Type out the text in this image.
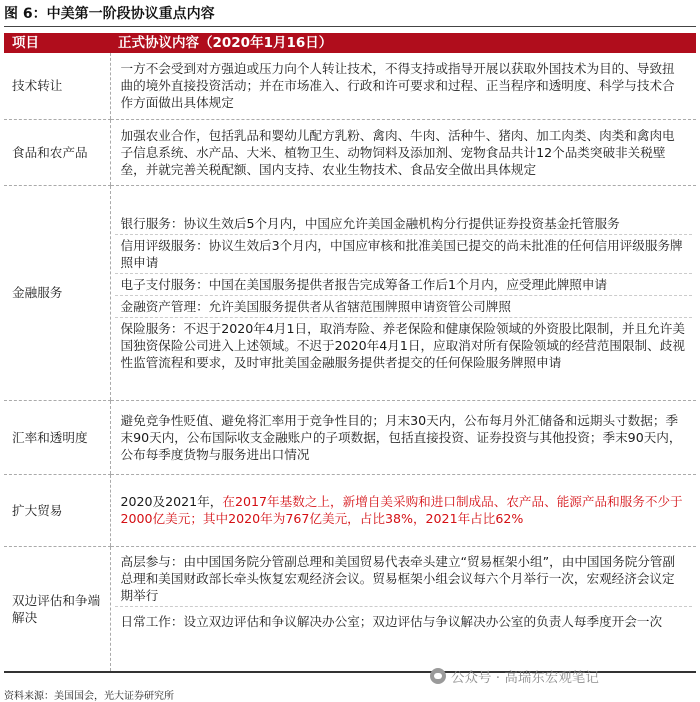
图 6：中美第一阶段协议重点内容
项目	正式协议内容（2020年1月16日）
技术转让	一方不会受到对方强迫或压力向个人转让技术，不得支持或指导开展以获取外国技术为目的、导致扭曲的境外直接投资活动；并在市场准入、行政和许可要求和过程、正当程序和透明度、科学与技术合作方面做出具体规定

食品和农产品	加强农业合作，包括乳品和婴幼儿配方乳粉、禽肉、牛肉、活种牛、猪肉、加工肉类、肉类和禽肉电子信息系统、水产品、大米、植物卫生、动物饲料及添加剂、宠物食品共计12个品类突破非关税壁垒，并就完善关税配额、国内支持、农业生物技术、食品安全做出具体规定

金融服务	银行服务：协议生效后5个月内，中国应允许美国金融机构分行提供证券投资基金托管服务
信用评级服务：协议生效后3个月内，中国应审核和批准美国已提交的尚未批准的任何信用评级服务牌照申请
电子支付服务：中国在美国服务提供者报告完成筹备工作后1个月内，应受理此牌照申请
金融资产管理：允许美国服务提供者从省辖范围牌照申请资管公司牌照
保险服务：不迟于2020年4月1日，取消寿险、养老保险和健康保险领域的外资股比限制，并且允许美国独资保险公司进入上述领域。不迟于2020年4月1日，应取消对所有保险领域的经营范围限制、歧视性监管流程和要求，及时审批美国金融服务提供者提交的任何保险服务牌照申请

汇率和透明度	避免竞争性贬值、避免将汇率用于竞争性目的；月末30天内，公布每月外汇储备和远期头寸数据；季末90天内，公布国际收支金融账户的子项数据，包括直接投资、证券投资与其他投资；季末90天内，公布每季度货物与服务进出口情况

扩大贸易	2020及2021年，在2017年基数之上，新增自美采购和进口制成品、农产品、能源产品和服务不少于2000亿美元；其中2020年为767亿美元，占比38%，2021年占比62%

双边评估和争端解决	高层参与：由中国国务院分管副总理和美国贸易代表牵头建立“贸易框架小组”，由中国国务院分管副总理和美国财政部长牵头恢复宏观经济会议。贸易框架小组会议每六个月举行一次，宏观经济会议定期举行
日常工作：设立双边评估和争议解决办公室；双边评估与争议解决办公室的负责人每季度开会一次
公众号 · 高瑞东宏观笔记
资料来源：美国国会，光大证券研究所
